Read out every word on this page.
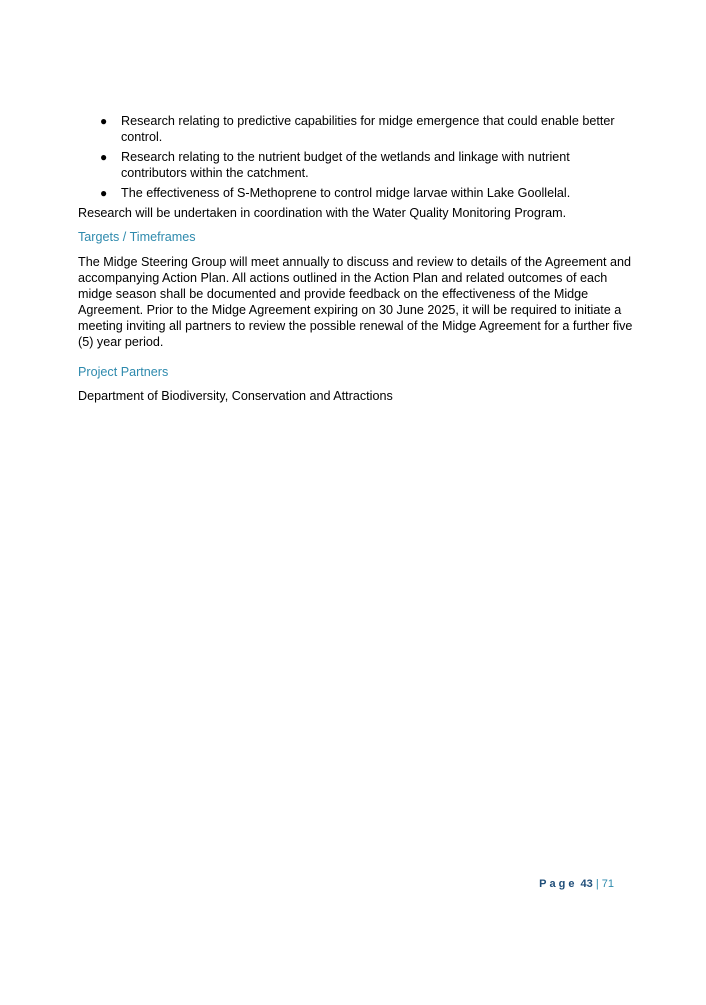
● Research relating to predictive capabilities for midge emergence that could enable better control.
● Research relating to the nutrient budget of the wetlands and linkage with nutrient contributors within the catchment.
● The effectiveness of S-Methoprene to control midge larvae within Lake Goollelal.

Research will be undertaken in coordination with the Water Quality Monitoring Program.

Targets / Timeframes

The Midge Steering Group will meet annually to discuss and review to details of the Agreement and accompanying Action Plan. All actions outlined in the Action Plan and related outcomes of each midge season shall be documented and provide feedback on the effectiveness of the Midge Agreement. Prior to the Midge Agreement expiring on 30 June 2025, it will be required to initiate a meeting inviting all partners to review the possible renewal of the Midge Agreement for a further five (5) year period.

Project Partners

Department of Biodiversity, Conservation and Attractions

Page 43 | 71
